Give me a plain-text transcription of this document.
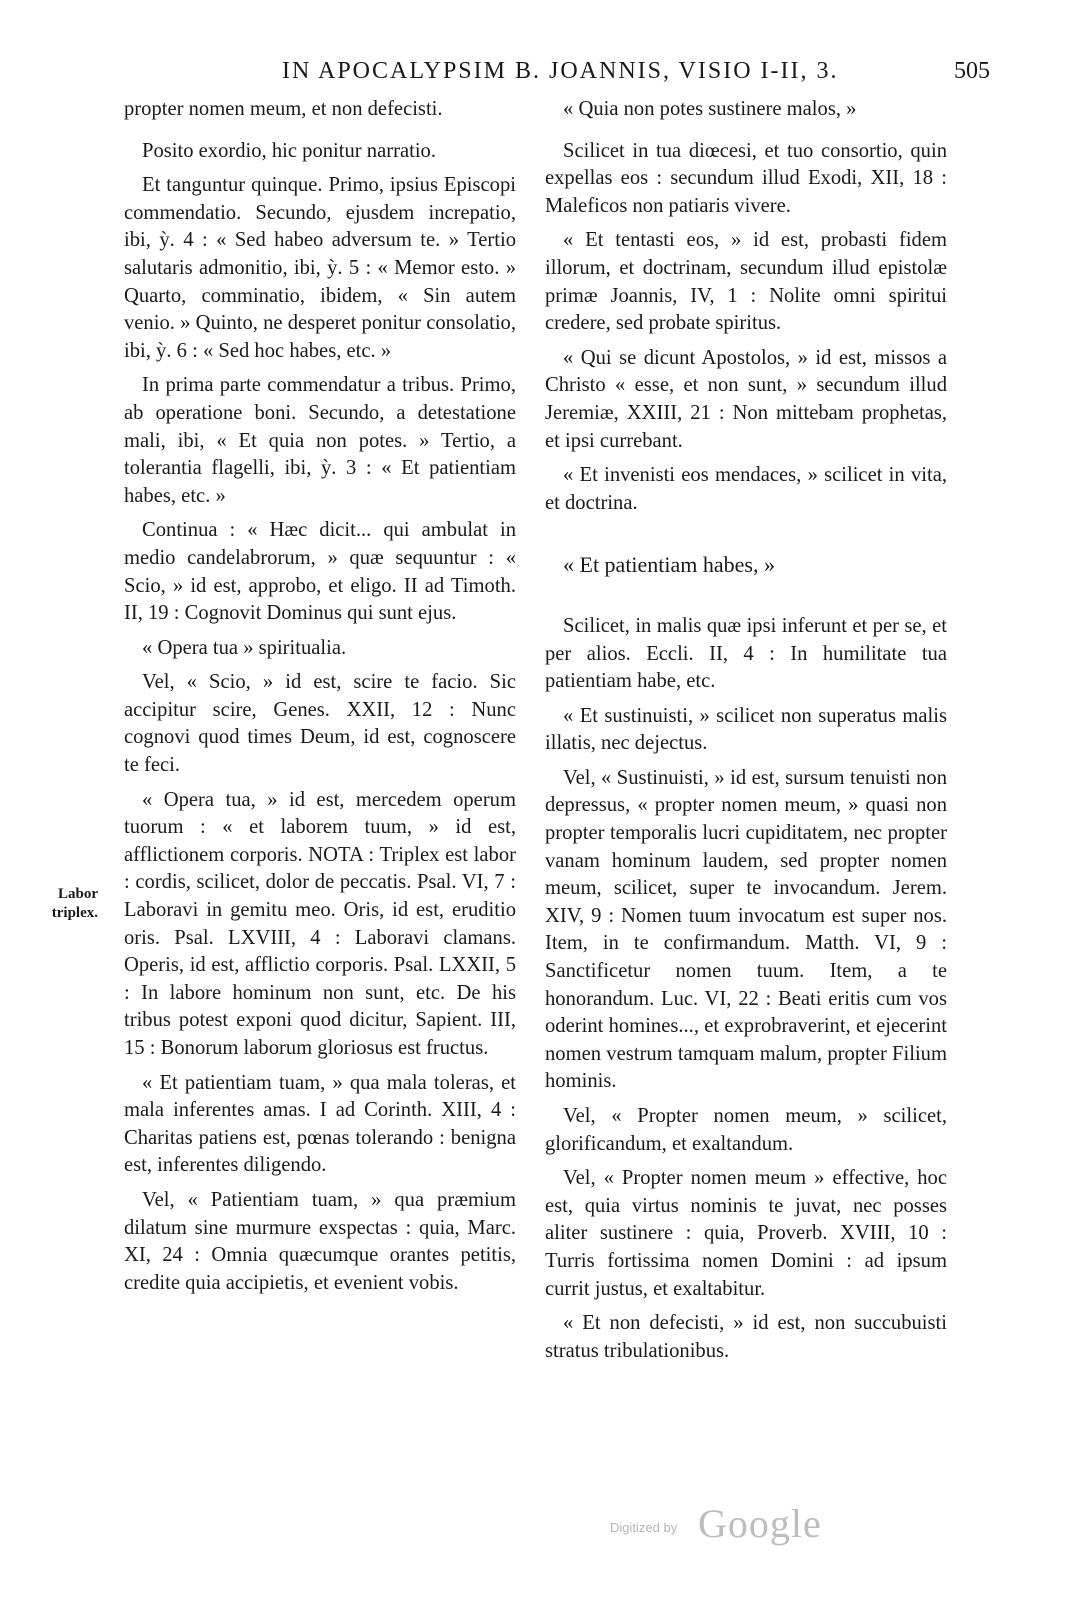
IN APOCALYPSIM B. JOANNIS, VISIO I-II, 3.	505
Labor triplex.

propter nomen meum, et non defecisti.

Posito exordio, hic ponitur narratio.

Et tanguntur quinque. Primo, ipsius Episcopi commendatio. Secundo, ejusdem increpatio, ibi, ỳ. 4 : « Sed habeo adversum te. » Tertio salutaris admonitio, ibi, ỳ. 5 : « Memor esto. » Quarto, comminatio, ibidem, « Sin autem venio. » Quinto, ne desperet ponitur consolatio, ibi, ỳ. 6 : « Sed hoc habes, etc. »

In prima parte commendatur a tribus. Primo, ab operatione boni. Secundo, a detestatione mali, ibi, « Et quia non potes. » Tertio, a tolerantia flagelli, ibi, ỳ. 3 : « Et patientiam habes, etc. »

Continua : « Hæc dicit... qui ambulat in medio candelabrorum, » quæ sequuntur : « Scio, » id est, approbo, et eligo. II ad Timoth. II, 19 : Cognovit Dominus qui sunt ejus.

« Opera tua » spiritualia.

Vel, « Scio, » id est, scire te facio. Sic accipitur scire, Genes. XXII, 12 : Nunc cognovi quod times Deum, id est, cognoscere te feci.

« Opera tua, » id est, mercedem operum tuorum : « et laborem tuum, » id est, afflictionem corporis. NOTA : Triplex est labor : cordis, scilicet, dolor de peccatis. Psal. VI, 7 : Laboravi in gemitu meo. Oris, id est, eruditio oris. Psal. LXVIII, 4 : Laboravi clamans. Operis, id est, afflictio corporis. Psal. LXXII, 5 : In labore hominum non sunt, etc. De his tribus potest exponi quod dicitur, Sapient. III, 15 : Bonorum laborum gloriosus est fructus.

« Et patientiam tuam, » qua mala toleras, et mala inferentes amas. I ad Corinth. XIII, 4 : Charitas patiens est, pœnas tolerando : benigna est, inferentes diligendo.

Vel, « Patientiam tuam, » qua præmium dilatum sine murmure exspectas : quia, Marc. XI, 24 : Omnia quæcumque orantes petitis, credite quia accipietis, et evenient vobis.

« Quia non potes sustinere malos, »

Scilicet in tua diœcesi, et tuo consortio, quin expellas eos : secundum illud Exodi, XII, 18 : Maleficos non patiaris vivere.

« Et tentasti eos, » id est, probasti fidem illorum, et doctrinam, secundum illud epistolæ primæ Joannis, IV, 1 : Nolite omni spiritui credere, sed probate spiritus.

« Qui se dicunt Apostolos, » id est, missos a Christo « esse, et non sunt, » secundum illud Jeremiæ, XXIII, 21 : Non mittebam prophetas, et ipsi currebant.

« Et invenisti eos mendaces, » scilicet in vita, et doctrina.

« Et patientiam habes, »

Scilicet, in malis quæ ipsi inferunt et per se, et per alios. Eccli. II, 4 : In humilitate tua patientiam habe, etc.

« Et sustinuisti, » scilicet non superatus malis illatis, nec dejectus.

Vel, « Sustinuisti, » id est, sursum tenuisti non depressus, « propter nomen meum, » quasi non propter temporalis lucri cupiditatem, nec propter vanam hominum laudem, sed propter nomen meum, scilicet, super te invocandum. Jerem. XIV, 9 : Nomen tuum invocatum est super nos. Item, in te confirmandum. Matth. VI, 9 : Sanctificetur nomen tuum. Item, a te honorandum. Luc. VI, 22 : Beati eritis cum vos oderint homines..., et exprobraverint, et ejecerint nomen vestrum tamquam malum, propter Filium hominis.

Vel, « Propter nomen meum, » scilicet, glorificandum, et exaltandum.

Vel, « Propter nomen meum » effective, hoc est, quia virtus nominis te juvat, nec posses aliter sustinere : quia, Proverb. XVIII, 10 : Turris fortissima nomen Domini : ad ipsum currit justus, et exaltabitur.

« Et non defecisti, » id est, non succubuisti stratus tribulationibus.

Digitized by Google
